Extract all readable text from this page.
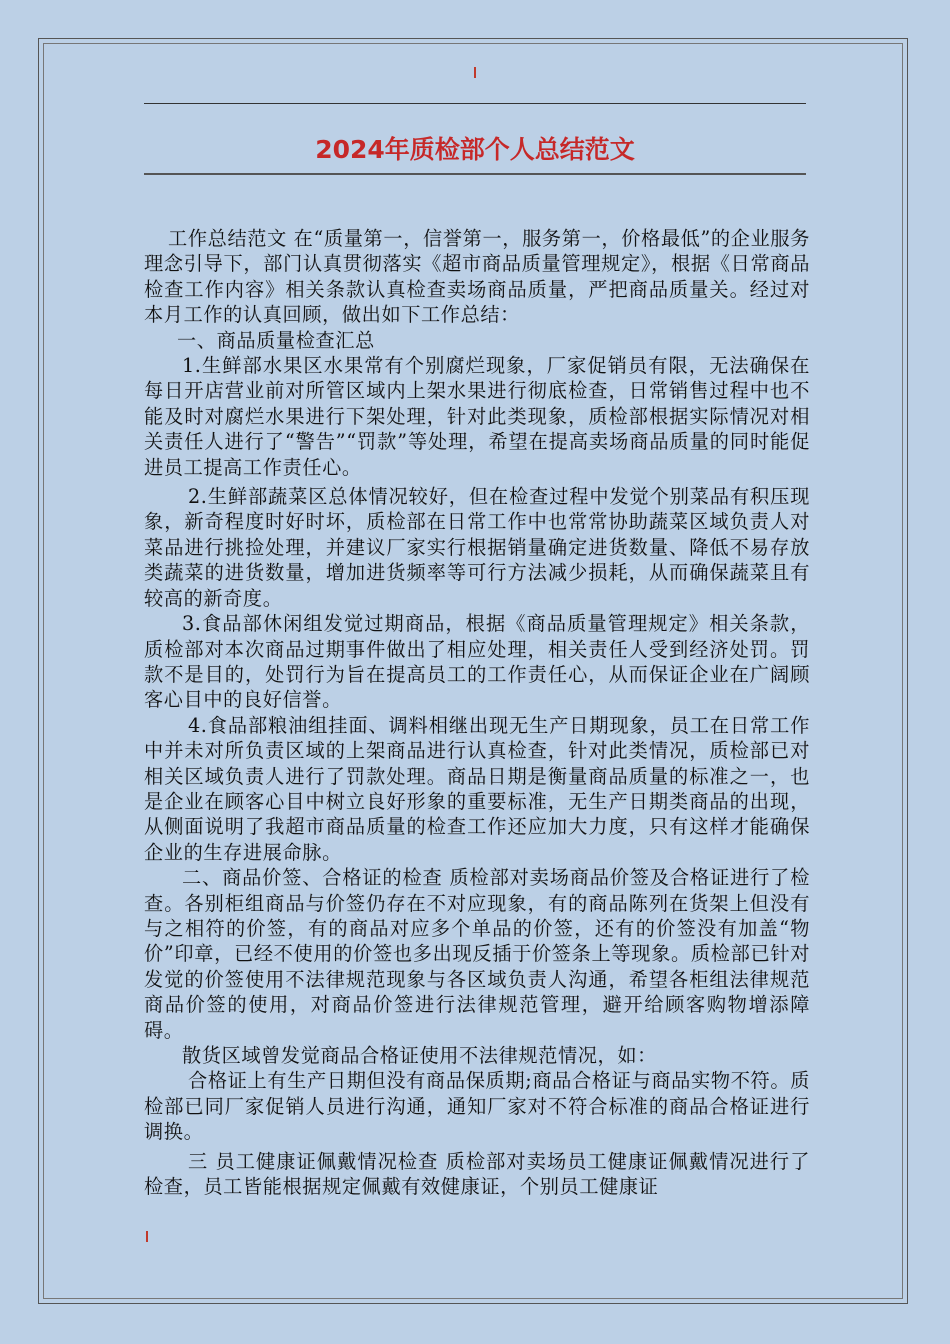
2024年质检部个人总结范文

工作总结范文 在“质量第一，信誉第一，服务第一，价格最低”的企业服务理念引导下，部门认真贯彻落实《超市商品质量管理规定》，根据《日常商品检查工作内容》相关条款认真检查卖场商品质量，严把商品质量关。经过对本月工作的认真回顾，做出如下工作总结：

一、商品质量检查汇总

1.生鲜部水果区水果常有个别腐烂现象，厂家促销员有限，无法确保在每日开店营业前对所管区域内上架水果进行彻底检查，日常销售过程中也不能及时对腐烂水果进行下架处理，针对此类现象，质检部根据实际情况对相关责任人进行了“警告”“罚款”等处理，希望在提高卖场商品质量的同时能促进员工提高工作责任心。

2.生鲜部蔬菜区总体情况较好，但在检查过程中发觉个别菜品有积压现象，新奇程度时好时坏，质检部在日常工作中也常常协助蔬菜区域负责人对菜品进行挑捡处理，并建议厂家实行根据销量确定进货数量、降低不易存放类蔬菜的进货数量，增加进货频率等可行方法减少损耗，从而确保蔬菜且有较高的新奇度。

3.食品部休闲组发觉过期商品，根据《商品质量管理规定》相关条款，质检部对本次商品过期事件做出了相应处理，相关责任人受到经济处罚。罚款不是目的，处罚行为旨在提高员工的工作责任心，从而保证企业在广阔顾客心目中的良好信誉。

4.食品部粮油组挂面、调料相继出现无生产日期现象，员工在日常工作中并未对所负责区域的上架商品进行认真检查，针对此类情况，质检部已对相关区域负责人进行了罚款处理。商品日期是衡量商品质量的标准之一，也是企业在顾客心目中树立良好形象的重要标准，无生产日期类商品的出现，从侧面说明了我超市商品质量的检查工作还应加大力度，只有这样才能确保企业的生存进展命脉。

二、商品价签、合格证的检查 质检部对卖场商品价签及合格证进行了检查。各别柜组商品与价签仍存在不对应现象，有的商品陈列在货架上但没有与之相符的价签，有的商品对应多个单品的价签，还有的价签没有加盖“物价”印章，已经不使用的价签也多出现反插于价签条上等现象。质检部已针对发觉的价签使用不法律规范现象与各区域负责人沟通，希望各柜组法律规范商品价签的使用，对商品价签进行法律规范管理，避开给顾客购物增添障碍。

散货区域曾发觉商品合格证使用不法律规范情况，如：

合格证上有生产日期但没有商品保质期;商品合格证与商品实物不符。质检部已同厂家促销人员进行沟通，通知厂家对不符合标准的商品合格证进行调换。

三 员工健康证佩戴情况检查 质检部对卖场员工健康证佩戴情况进行了检查，员工皆能根据规定佩戴有效健康证，个别员工健康证
